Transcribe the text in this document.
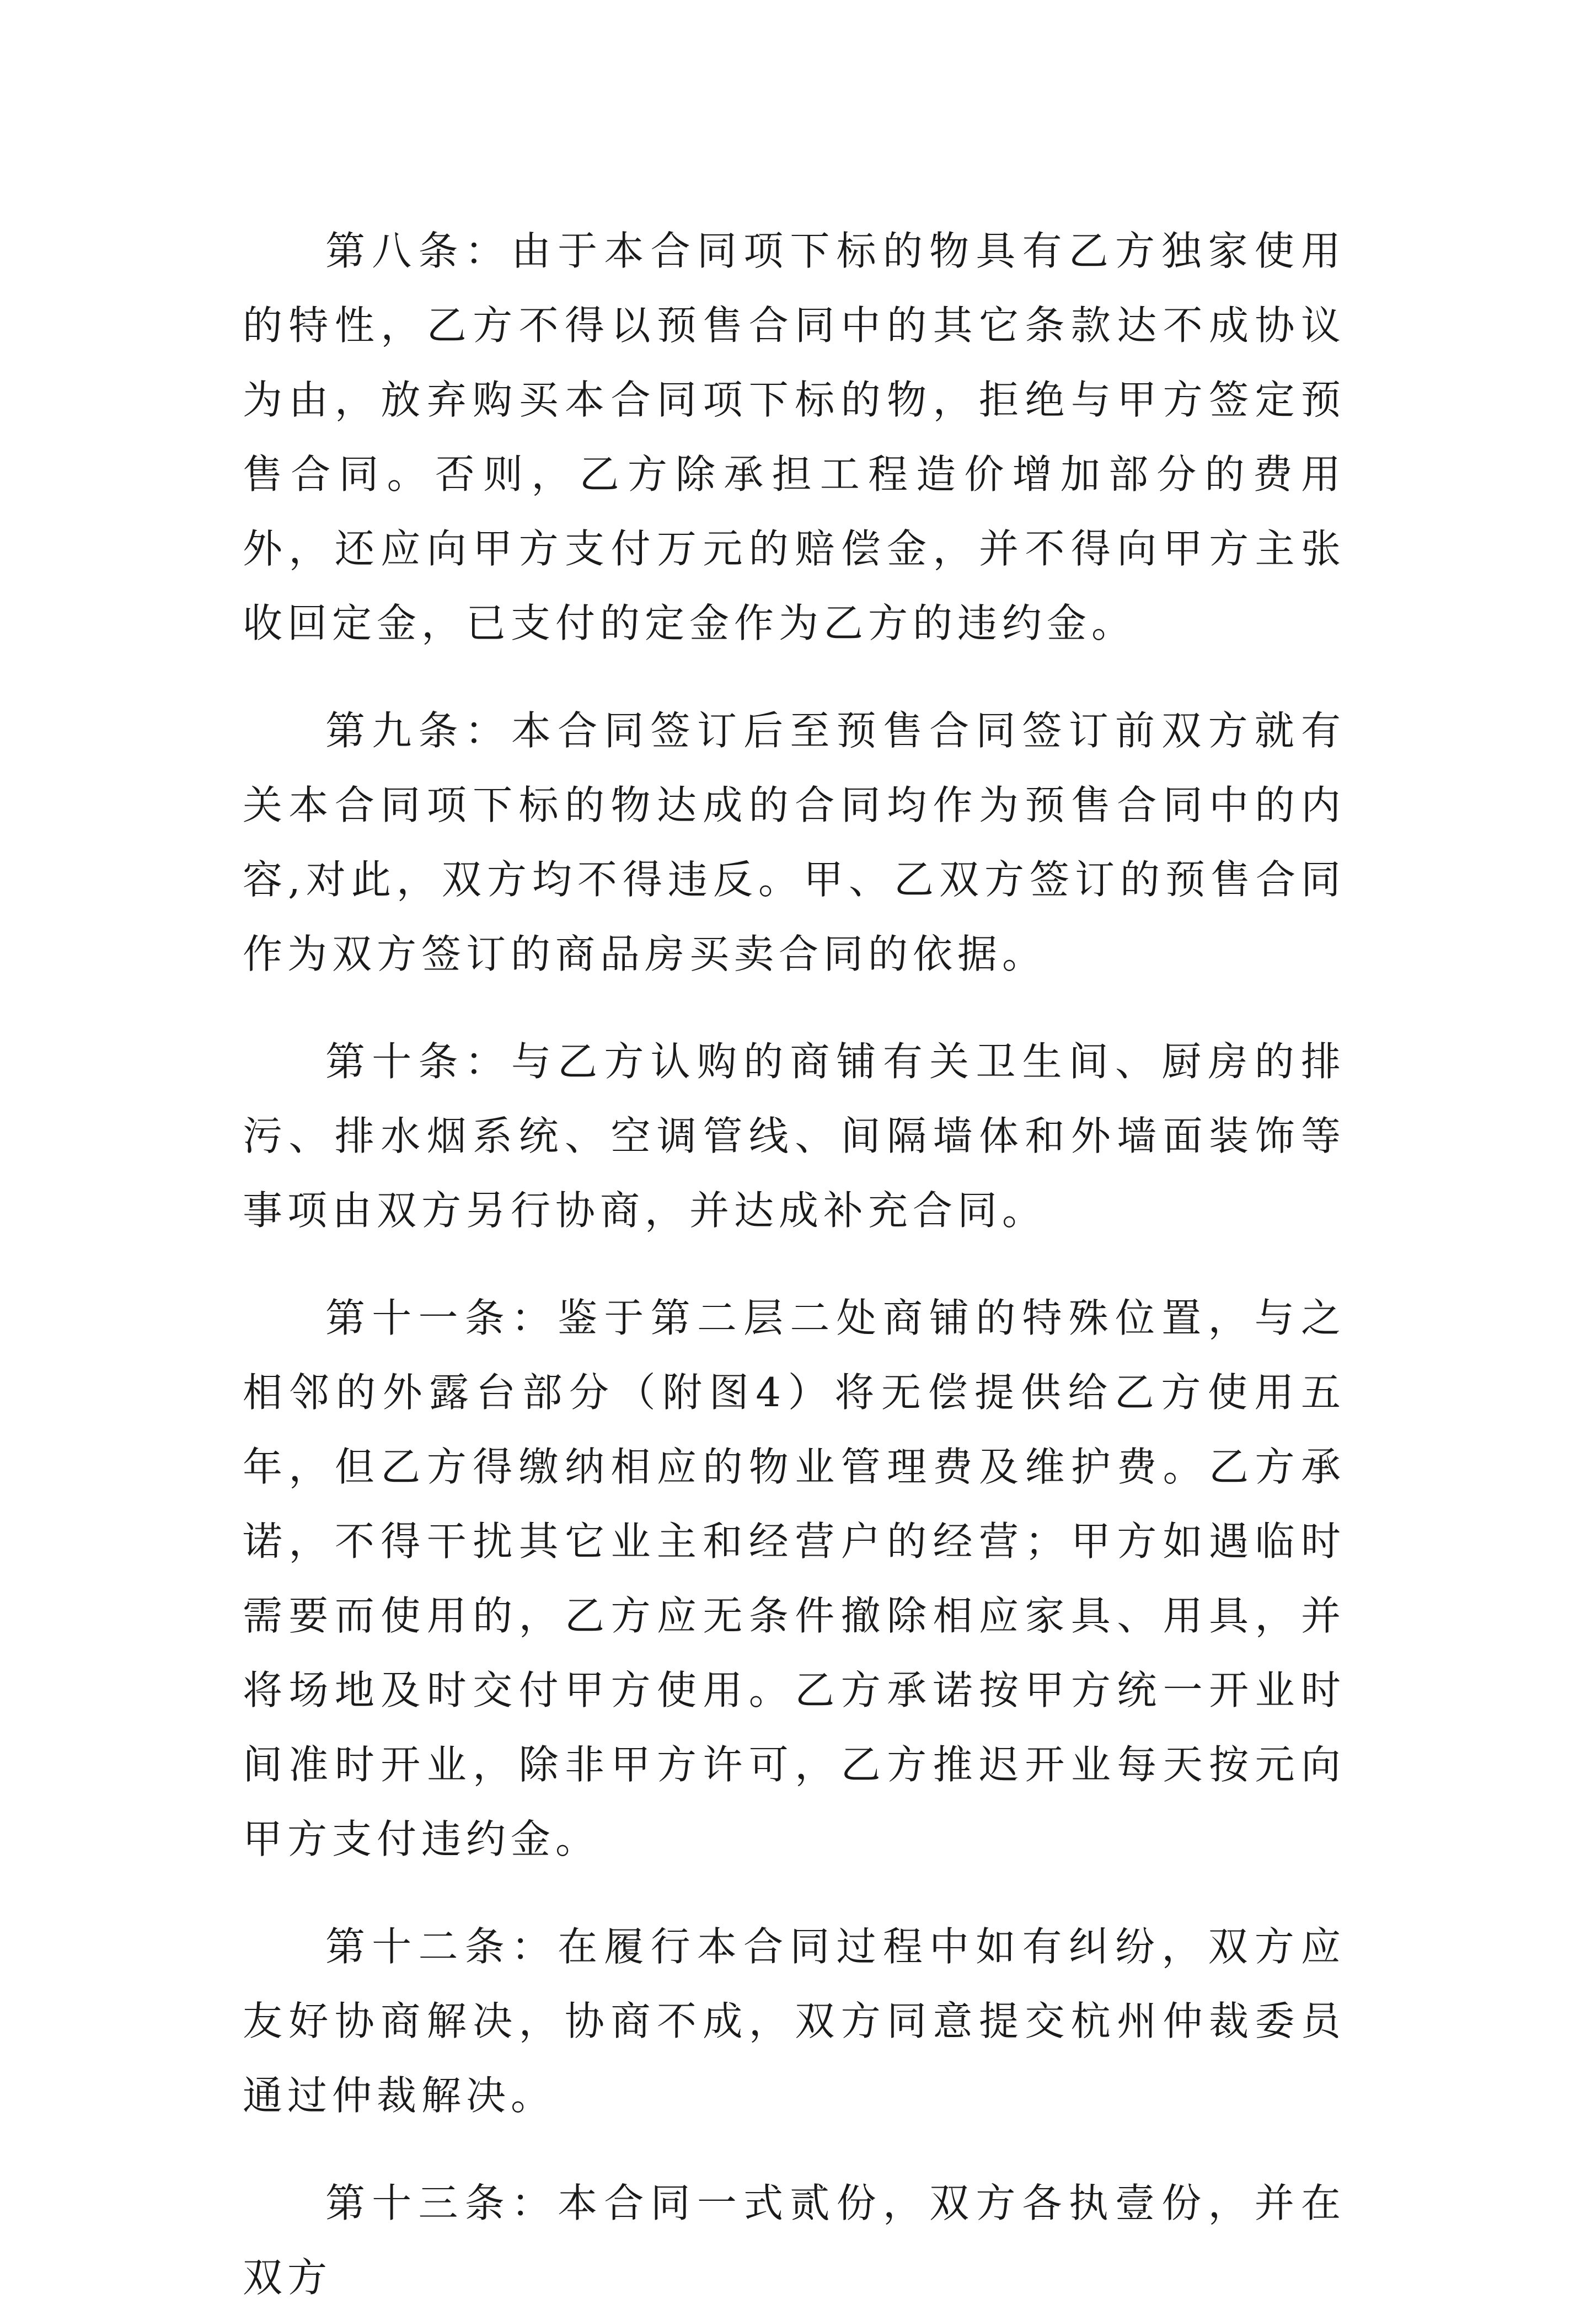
第八条：由于本合同项下标的物具有乙方独家使用的特性，乙方不得以预售合同中的其它条款达不成协议为由，放弃购买本合同项下标的物，拒绝与甲方签定预售合同。否则，乙方除承担工程造价增加部分的费用外，还应向甲方支付万元的赔偿金，并不得向甲方主张收回定金，已支付的定金作为乙方的违约金。

第九条：本合同签订后至预售合同签订前双方就有关本合同项下标的物达成的合同均作为预售合同中的内容,对此，双方均不得违反。甲、乙双方签订的预售合同作为双方签订的商品房买卖合同的依据。

第十条：与乙方认购的商铺有关卫生间、厨房的排污、排水烟系统、空调管线、间隔墙体和外墙面装饰等事项由双方另行协商，并达成补充合同。

第十一条：鉴于第二层二处商铺的特殊位置，与之相邻的外露台部分（附图4）将无偿提供给乙方使用五年，但乙方得缴纳相应的物业管理费及维护费。乙方承诺，不得干扰其它业主和经营户的经营；甲方如遇临时需要而使用的，乙方应无条件撤除相应家具、用具，并将场地及时交付甲方使用。乙方承诺按甲方统一开业时间准时开业，除非甲方许可，乙方推迟开业每天按元向甲方支付违约金。

第十二条：在履行本合同过程中如有纠纷，双方应友好协商解决，协商不成，双方同意提交杭州仲裁委员通过仲裁解决。

第十三条：本合同一式贰份，双方各执壹份，并在双方
